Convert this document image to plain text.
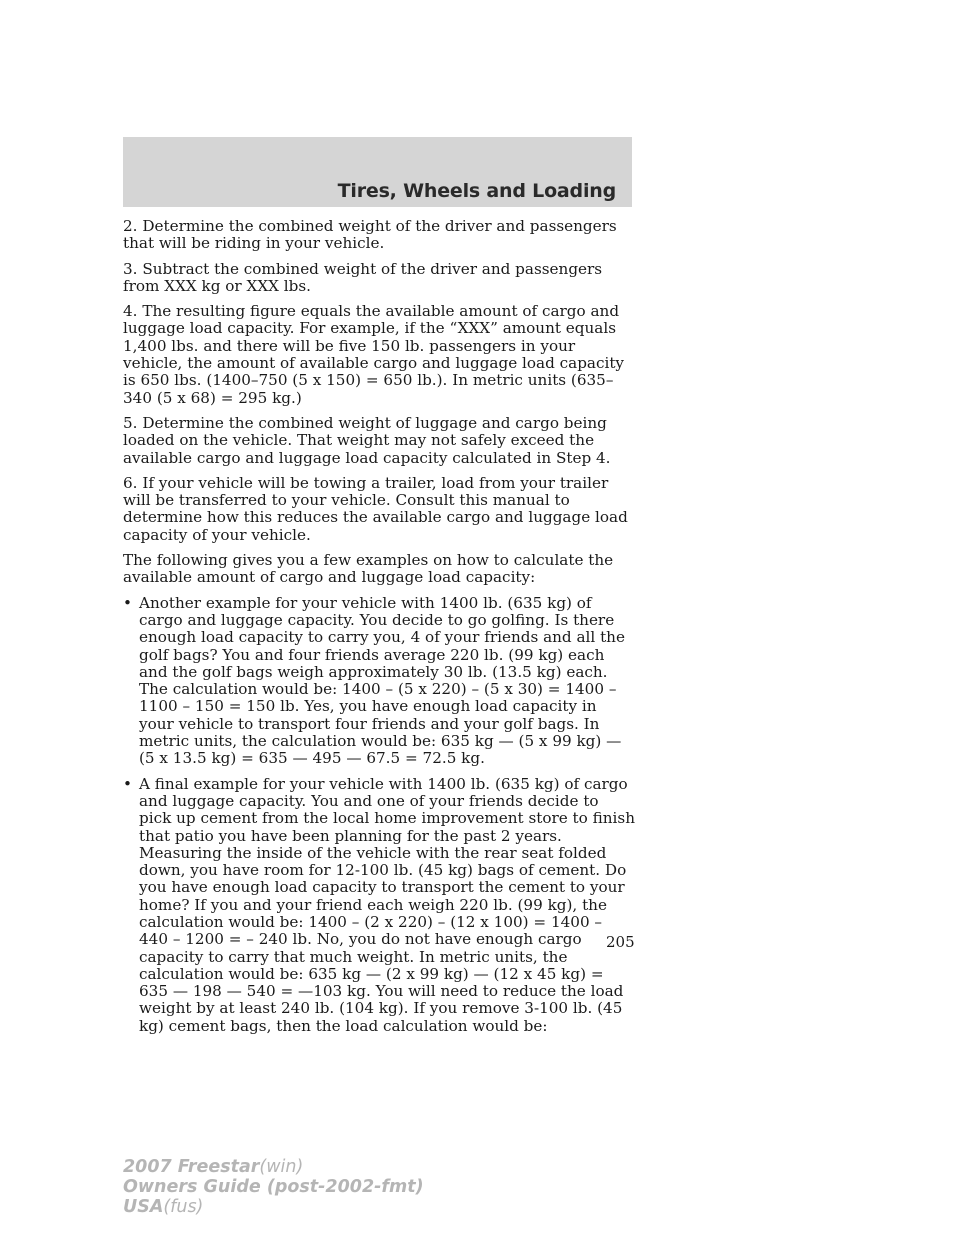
Tires, Wheels and Loading

2. Determine the combined weight of the driver and passengers that will be riding in your vehicle.

3. Subtract the combined weight of the driver and passengers from XXX kg or XXX lbs.

4. The resulting figure equals the available amount of cargo and luggage load capacity. For example, if the “XXX” amount equals 1,400 lbs. and there will be five 150 lb. passengers in your vehicle, the amount of available cargo and luggage load capacity is 650 lbs. (1400–750 (5 x 150) = 650 lb.). In metric units (635–340 (5 x 68) = 295 kg.)

5. Determine the combined weight of luggage and cargo being loaded on the vehicle. That weight may not safely exceed the available cargo and luggage load capacity calculated in Step 4.

6. If your vehicle will be towing a trailer, load from your trailer will be transferred to your vehicle. Consult this manual to determine how this reduces the available cargo and luggage load capacity of your vehicle.

The following gives you a few examples on how to calculate the available amount of cargo and luggage load capacity:

• Another example for your vehicle with 1400 lb. (635 kg) of cargo and luggage capacity. You decide to go golfing. Is there enough load capacity to carry you, 4 of your friends and all the golf bags? You and four friends average 220 lb. (99 kg) each and the golf bags weigh approximately 30 lb. (13.5 kg) each. The calculation would be: 1400 – (5 x 220) – (5 x 30) = 1400 – 1100 – 150 = 150 lb. Yes, you have enough load capacity in your vehicle to transport four friends and your golf bags. In metric units, the calculation would be: 635 kg — (5 x 99 kg) — (5 x 13.5 kg) = 635 — 495 — 67.5 = 72.5 kg.
• A final example for your vehicle with 1400 lb. (635 kg) of cargo and luggage capacity. You and one of your friends decide to pick up cement from the local home improvement store to finish that patio you have been planning for the past 2 years. Measuring the inside of the vehicle with the rear seat folded down, you have room for 12-100 lb. (45 kg) bags of cement. Do you have enough load capacity to transport the cement to your home? If you and your friend each weigh 220 lb. (99 kg), the calculation would be: 1400 – (2 x 220) – (12 x 100) = 1400 – 440 – 1200 = – 240 lb. No, you do not have enough cargo capacity to carry that much weight. In metric units, the calculation would be: 635 kg — (2 x 99 kg) — (12 x 45 kg) = 635 — 198 — 540 = —103 kg. You will need to reduce the load weight by at least 240 lb. (104 kg). If you remove 3-100 lb. (45 kg) cement bags, then the load calculation would be:
205
2007 Freestar(win)
Owners Guide (post-2002-fmt)
USA(fus)
